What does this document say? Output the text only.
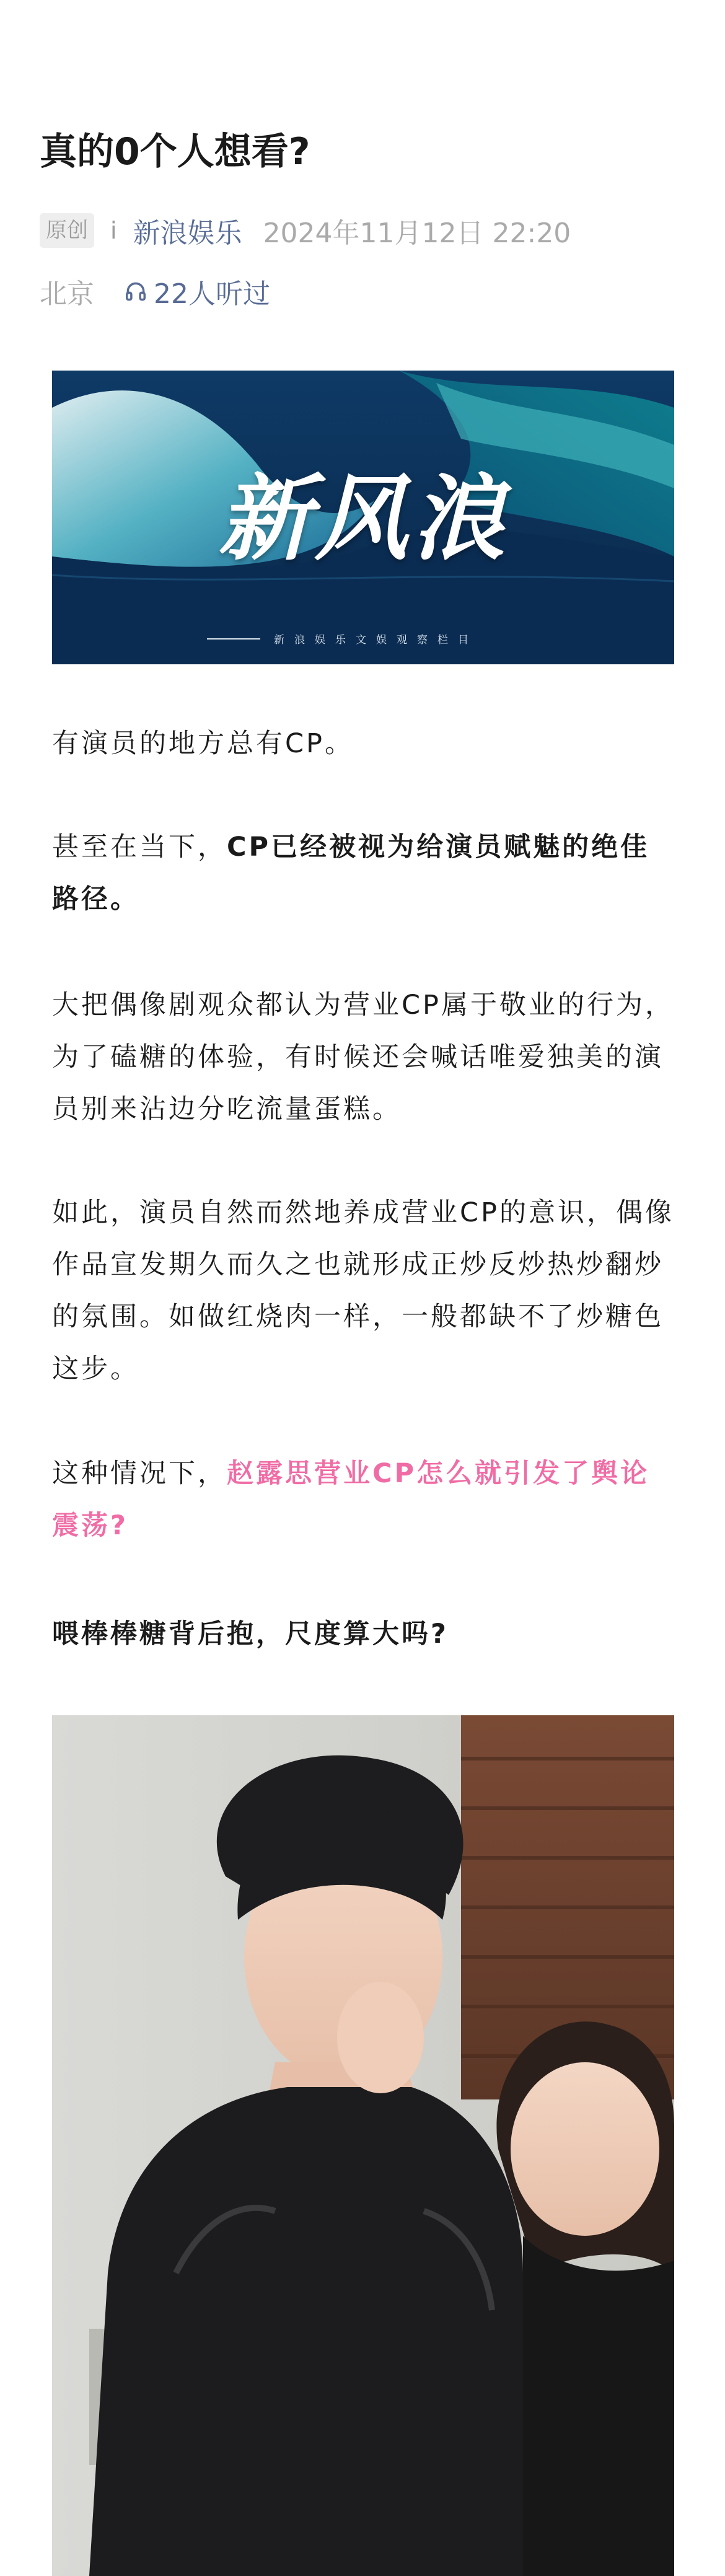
真的0个人想看?
原创 i 新浪娱乐 2024年11月12日 22:20
北京 22人听过
新风浪
新浪娱乐文娱观察栏目

有演员的地方总有CP。

甚至在当下，CP已经被视为给演员赋魅的绝佳路径。

大把偶像剧观众都认为营业CP属于敬业的行为，为了磕糖的体验，有时候还会喊话唯爱独美的演员别来沾边分吃流量蛋糕。

如此，演员自然而然地养成营业CP的意识，偶像作品宣发期久而久之也就形成正炒反炒热炒翻炒的氛围。如做红烧肉一样，一般都缺不了炒糖色这步。

这种情况下，赵露思营业CP怎么就引发了舆论震荡?

喂棒棒糖背后抱，尺度算大吗?
